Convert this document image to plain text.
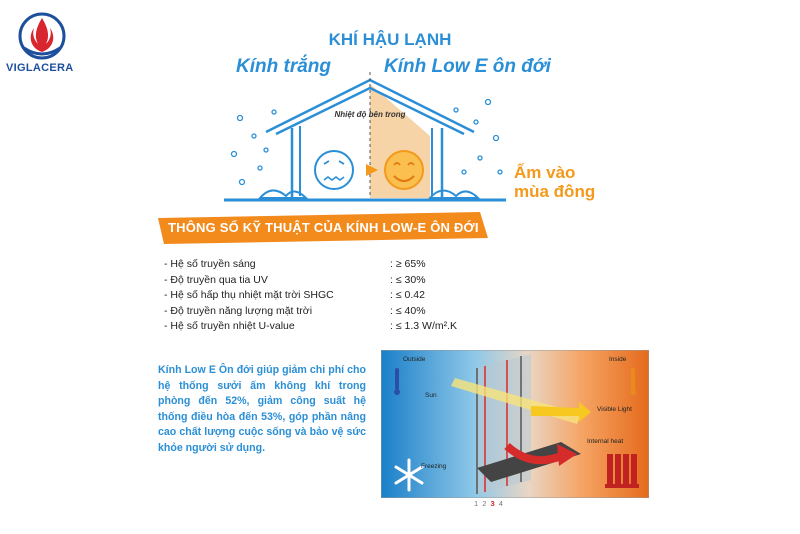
VIGLACERA
KHÍ HẬU LẠNH
Kính trắng	Kính Low E ôn đới
Nhiệt độ bên trong
Ấm vào
mùa đông
THÔNG SỐ KỸ THUẬT CỦA KÍNH LOW-E ÔN ĐỚI
- Hệ số truyền sáng	: ≥ 65%
- Độ truyền qua tia UV	: ≤ 30%
- Hệ số hấp thụ nhiệt mặt trời SHGC	: ≤ 0.42
- Độ truyền năng lượng mặt trời	: ≤ 40%
- Hệ số truyền nhiệt U-value	: ≤ 1.3 W/m².K
Kính Low E Ôn đới giúp giảm chi phí cho hệ thống sưởi ấm không khí trong phòng đến 52%, giảm công suất hệ thống điều hòa đến 53%, góp phần nâng cao chất lượng cuộc sống và bảo vệ sức khỏe người sử dụng.
Outside	Inside
Sun
Freezing
Visible Light
Internal heat
1 2 3 4
